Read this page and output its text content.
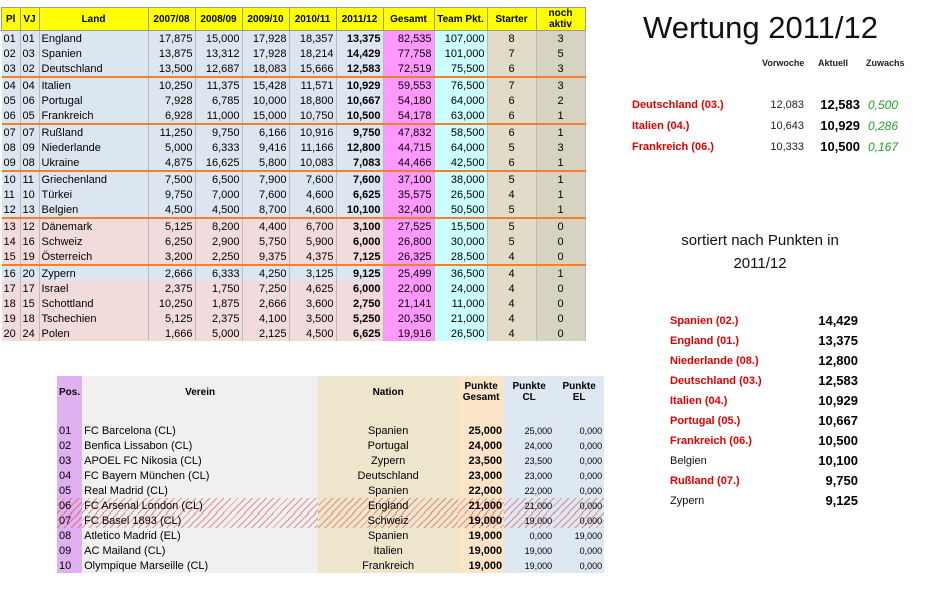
Pl	VJ	Land	2007/08	2008/09	2009/10	2010/11	2011/12	Gesamt	Team Pkt.	Starter	noch aktiv
01	01	England	17,875	15,000	17,928	18,357	13,375	82,535	107,000	8	3
02	03	Spanien	13,875	13,312	17,928	18,214	14,429	77,758	101,000	7	5
03	02	Deutschland	13,500	12,687	18,083	15,666	12,583	72,519	75,500	6	3
04	04	Italien	10,250	11,375	15,428	11,571	10,929	59,553	76,500	7	3
05	06	Portugal	7,928	6,785	10,000	18,800	10,667	54,180	64,000	6	2
06	05	Frankreich	6,928	11,000	15,000	10,750	10,500	54,178	63,000	6	1
07	07	Rußland	11,250	9,750	6,166	10,916	9,750	47,832	58,500	6	1
08	09	Niederlande	5,000	6,333	9,416	11,166	12,800	44,715	64,000	5	3
09	08	Ukraine	4,875	16,625	5,800	10,083	7,083	44,466	42,500	6	1
10	11	Griechenland	7,500	6,500	7,900	7,600	7,600	37,100	38,000	5	1
11	10	Türkei	9,750	7,000	7,600	4,600	6,625	35,575	26,500	4	1
12	13	Belgien	4,500	4,500	8,700	4,600	10,100	32,400	50,500	5	1
13	12	Dänemark	5,125	8,200	4,400	6,700	3,100	27,525	15,500	5	0
14	16	Schweiz	6,250	2,900	5,750	5,900	6,000	26,800	30,000	5	0
15	19	Österreich	3,200	2,250	9,375	4,375	7,125	26,325	28,500	4	0
16	20	Zypern	2,666	6,333	4,250	3,125	9,125	25,499	36,500	4	1
17	17	Israel	2,375	1,750	7,250	4,625	6,000	22,000	24,000	4	0
18	15	Schottland	10,250	1,875	2,666	3,600	2,750	21,141	11,000	4	0
19	18	Tschechien	5,125	2,375	4,100	3,500	5,250	20,350	21,000	4	0
20	24	Polen	1,666	5,000	2,125	4,500	6,625	19,916	26,500	4	0
Pos.	Verein	Nation	Punkte Gesamt	Punkte CL	Punkte EL

01	FC Barcelona (CL)	Spanien	25,000	25,000	0,000
02	Benfica Lissabon (CL)	Portugal	24,000	24,000	0,000
03	APOEL FC Nikosia (CL)	Zypern	23,500	23,500	0,000
04	FC Bayern München (CL)	Deutschland	23,000	23,000	0,000
05	Real Madrid (CL)	Spanien	22,000	22,000	0,000
06	FC Arsenal London (CL)	England	21,000	21,000	0,000
07	FC Basel 1893 (CL)	Schweiz	19,000	19,000	0,000
08	Atletico Madrid (EL)	Spanien	19,000	0,000	19,000
09	AC Mailand (CL)	Italien	19,000	19,000	0,000
10	Olympique Marseille (CL)	Frankreich	19,000	19,000	0,000
Wertung 2011/12
Vorwoche Aktuell Zuwachs
Deutschland (03.)	12,083	12,583 0,500
Italien (04.)	10,643	10,929 0,286
Frankreich (06.)	10,333	10,500 0,167
sortiert nach Punkten in
2011/12
Spanien (02.)	14,429
England (01.)	13,375
Niederlande (08.)	12,800
Deutschland (03.)	12,583
Italien (04.)	10,929
Portugal (05.)	10,667
Frankreich (06.)	10,500
Belgien	10,100
Rußland (07.)	9,750
Zypern	9,125
